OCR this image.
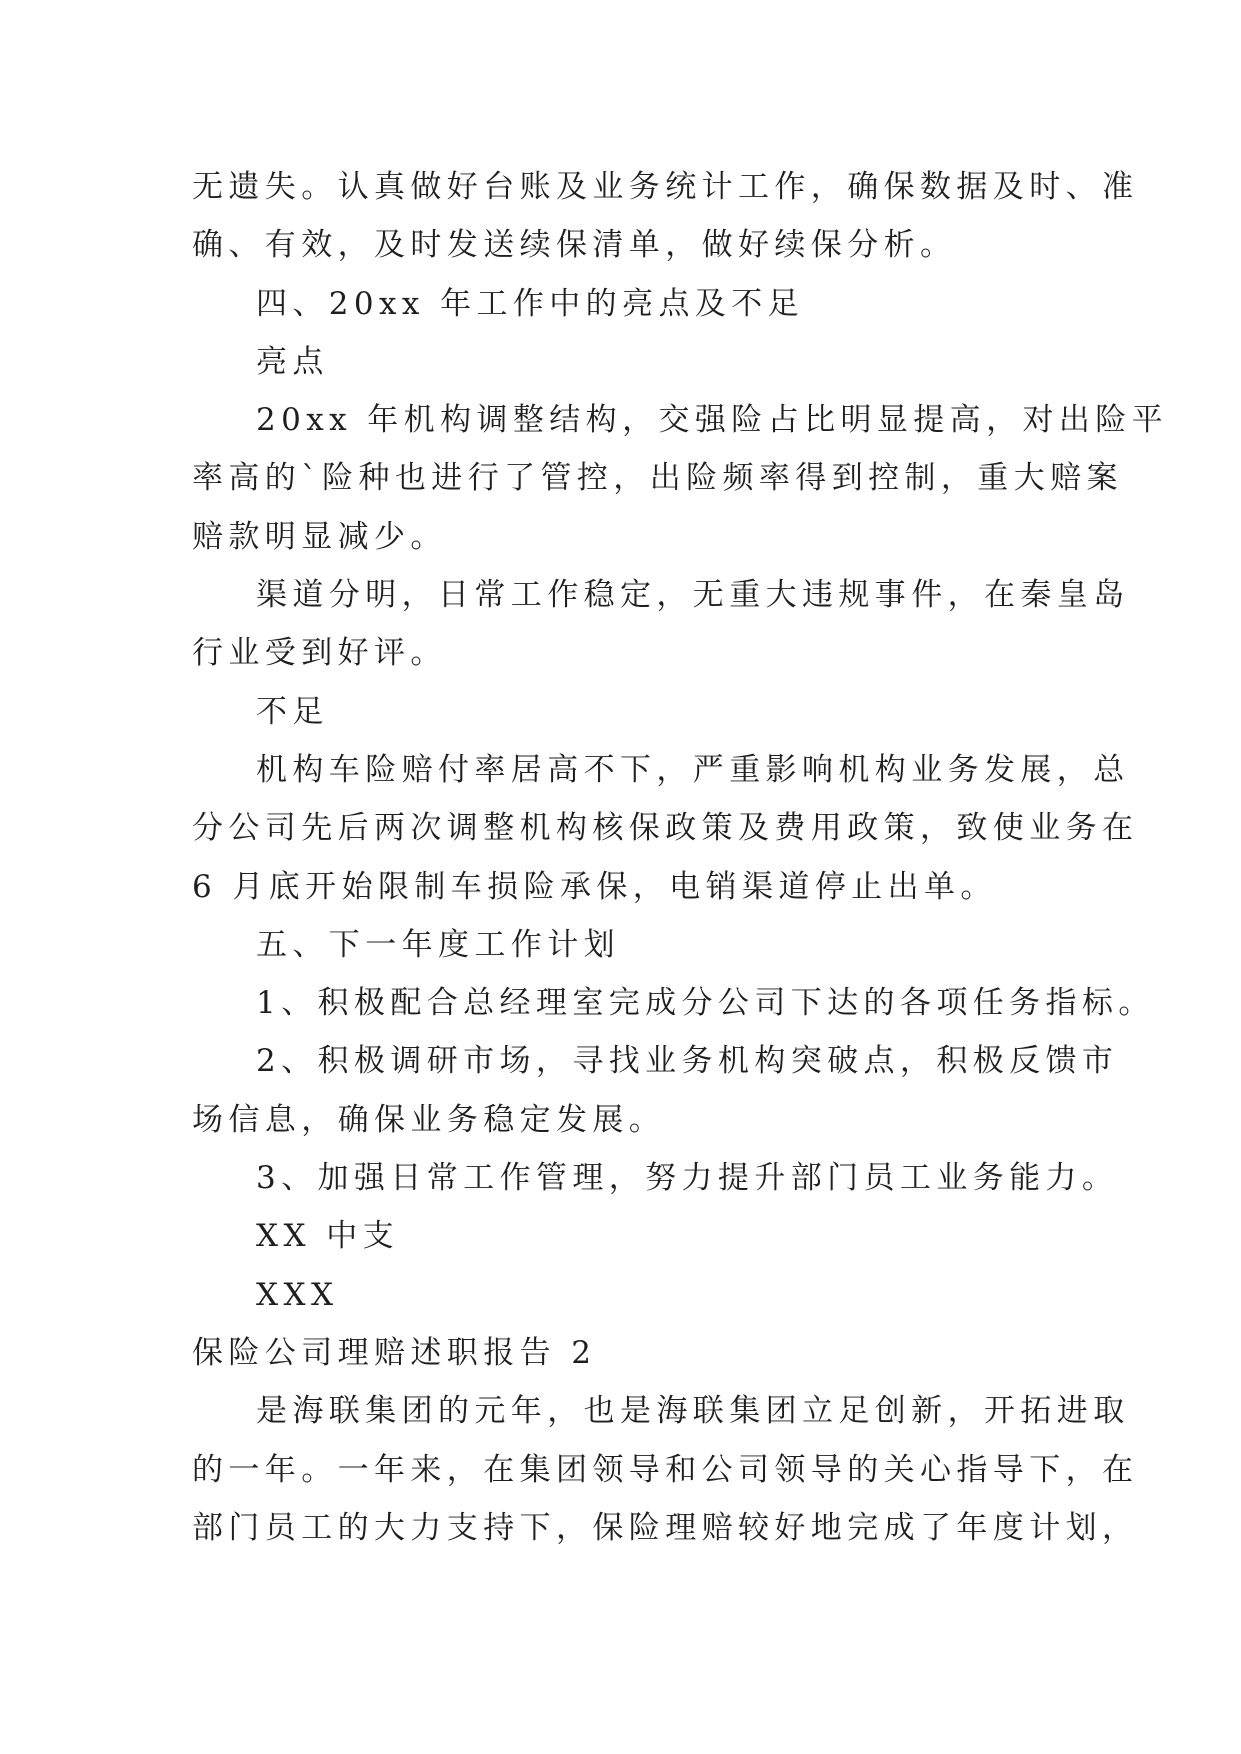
无遗失。认真做好台账及业务统计工作，确保数据及时、准
确、有效，及时发送续保清单，做好续保分析。
四、20xx 年工作中的亮点及不足
亮点
20xx 年机构调整结构，交强险占比明显提高，对出险平
率高的`险种也进行了管控，出险频率得到控制，重大赔案
赔款明显减少。
渠道分明，日常工作稳定，无重大违规事件，在秦皇岛
行业受到好评。
不足
机构车险赔付率居高不下，严重影响机构业务发展，总
分公司先后两次调整机构核保政策及费用政策，致使业务在
6 月底开始限制车损险承保，电销渠道停止出单。
五、下一年度工作计划
1、积极配合总经理室完成分公司下达的各项任务指标。
2、积极调研市场，寻找业务机构突破点，积极反馈市
场信息，确保业务稳定发展。
3、加强日常工作管理，努力提升部门员工业务能力。
XX 中支
XXX
保险公司理赔述职报告 2
是海联集团的元年，也是海联集团立足创新，开拓进取
的一年。一年来，在集团领导和公司领导的关心指导下，在
部门员工的大力支持下，保险理赔较好地完成了年度计划，
